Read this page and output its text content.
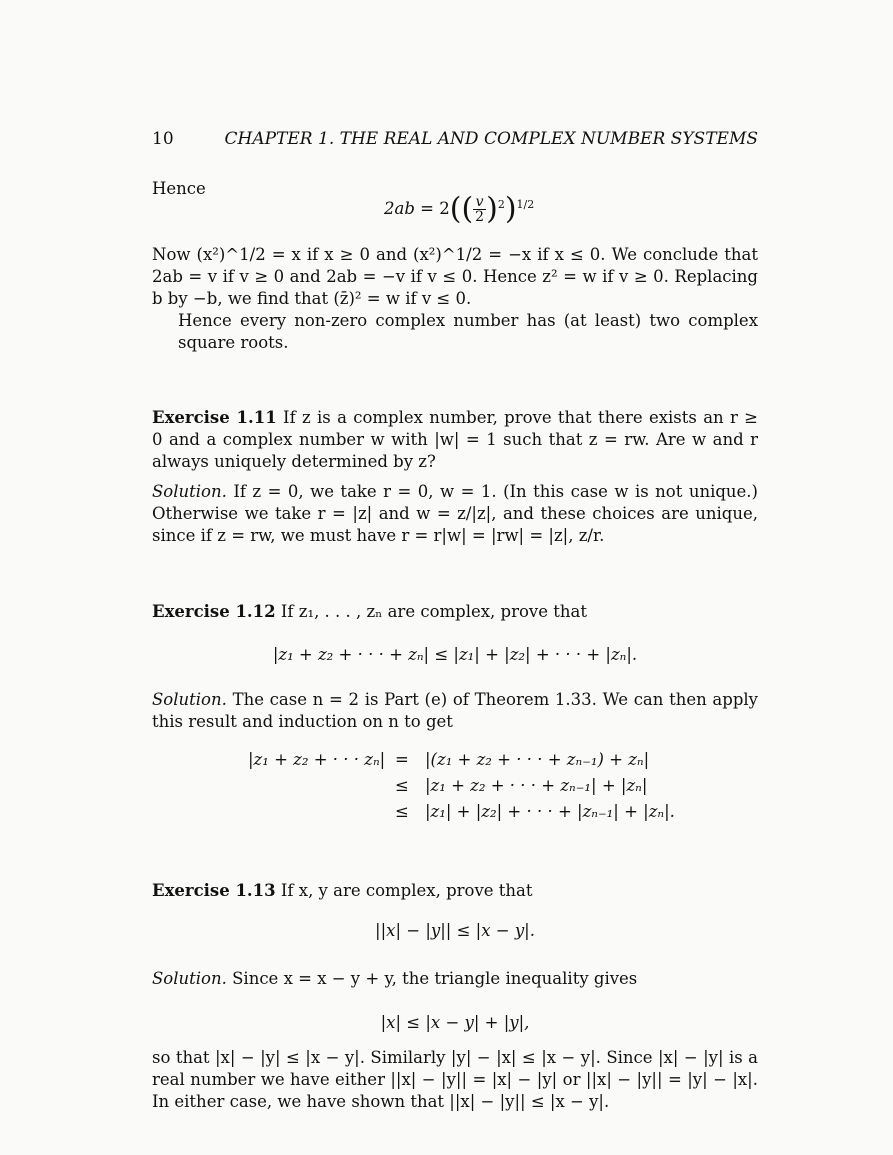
10	CHAPTER 1. THE REAL AND COMPLEX NUMBER SYSTEMS
Hence
$2ab = 2(( \frac{v}{2} )^2)^{1/2}$
Now (x²)^1/2 = x if x ≥ 0 and (x²)^1/2 = −x if x ≤ 0. We conclude that 2ab = v if v ≥ 0 and 2ab = −v if v ≤ 0. Hence z² = w if v ≥ 0. Replacing b by −b, we find that (z̄)² = w if v ≤ 0.
Hence every non-zero complex number has (at least) two complex square roots.
Exercise 1.11 If z is a complex number, prove that there exists an r ≥ 0 and a complex number w with |w| = 1 such that z = rw. Are w and r always uniquely determined by z?
Solution. If z = 0, we take r = 0, w = 1. (In this case w is not unique.) Otherwise we take r = |z| and w = z/|z|, and these choices are unique, since if z = rw, we must have r = r|w| = |rw| = |z|, z/r.
Exercise 1.12 If z₁, . . . , zₙ are complex, prove that
|z₁ + z₂ + · · · + zₙ| ≤ |z₁| + |z₂| + · · · + |zₙ|.
Solution. The case n = 2 is Part (e) of Theorem 1.33. We can then apply this result and induction on n to get
|z₁ + z₂ + · · · zₙ| = |(z₁ + z₂ + · · · + zₙ₋₁) + zₙ|
≤ |z₁ + z₂ + · · · + zₙ₋₁| + |zₙ|
≤ |z₁| + |z₂| + · · · + |zₙ₋₁| + |zₙ|.
Exercise 1.13 If x, y are complex, prove that
||x| − |y|| ≤ |x − y|.
Solution. Since x = x − y + y, the triangle inequality gives
|x| ≤ |x − y| + |y|,
so that |x| − |y| ≤ |x − y|. Similarly |y| − |x| ≤ |x − y|. Since |x| − |y| is a real number we have either ||x| − |y|| = |x| − |y| or ||x| − |y|| = |y| − |x|. In either case, we have shown that ||x| − |y|| ≤ |x − y|.
